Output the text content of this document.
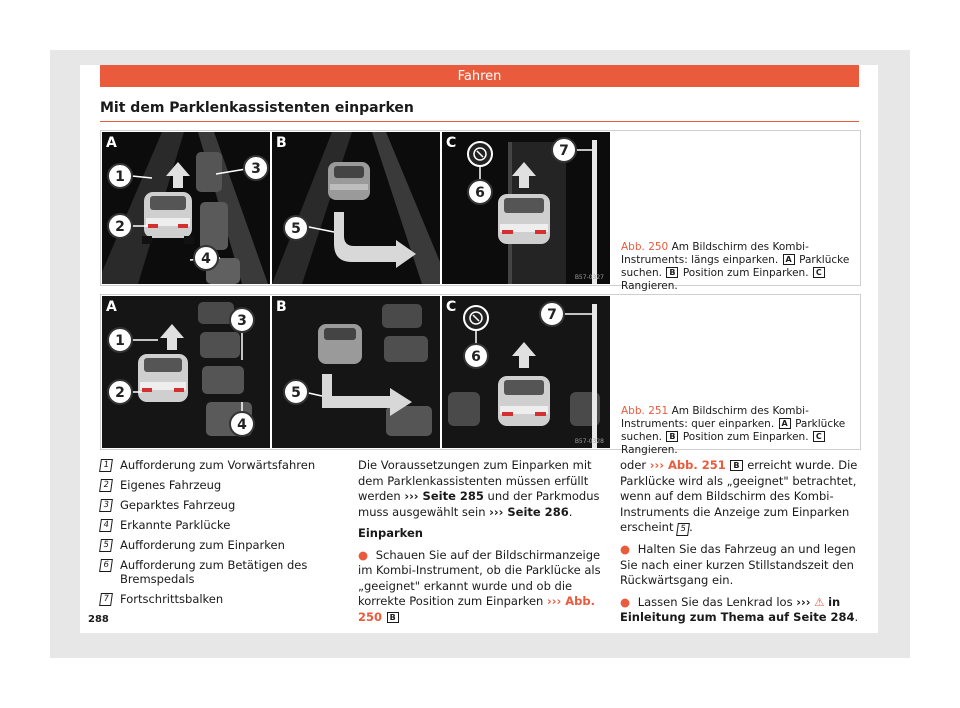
Fahren
Mit dem Parklenkassistenten einparken
1
2
3
4
A
5
B
6
7
C
B57-0327
Abb. 250 Am Bildschirm des Kombi-Instruments: längs einparken. A Parklücke suchen. B Position zum Einparken. C Rangieren.
1
2
3
4
A
5
B
6
7
C
B57-0328
Abb. 251 Am Bildschirm des Kombi-Instruments: quer einparken. A Parklücke suchen. B Position zum Einparken. C Rangieren.
1 Aufforderung zum Vorwärtsfahren
2 Eigenes Fahrzeug
3 Geparktes Fahrzeug
4 Erkannte Parklücke
5 Aufforderung zum Einparken
6 Aufforderung zum Betätigen des Bremspedals
7 Fortschrittsbalken

Die Voraussetzungen zum Einparken mit dem Parklenkassistenten müssen erfüllt werden ››› Seite 285 und der Parkmodus muss ausgewählt sein ››› Seite 286.

Einparken

● Schauen Sie auf der Bildschirmanzeige im Kombi-Instrument, ob die Parklücke als „geeignet" erkannt wurde und ob die korrekte Position zum Einparken ››› Abb. 250 B

oder ››› Abb. 251 B erreicht wurde. Die Parklücke wird als „geeignet" betrachtet, wenn auf dem Bildschirm des Kombi-Instruments die Anzeige zum Einparken erscheint 5 .

● Halten Sie das Fahrzeug an und legen Sie nach einer kurzen Stillstandszeit den Rückwärtsgang ein.

● Lassen Sie das Lenkrad los ››› ⚠ in Einleitung zum Thema auf Seite 284.

288
